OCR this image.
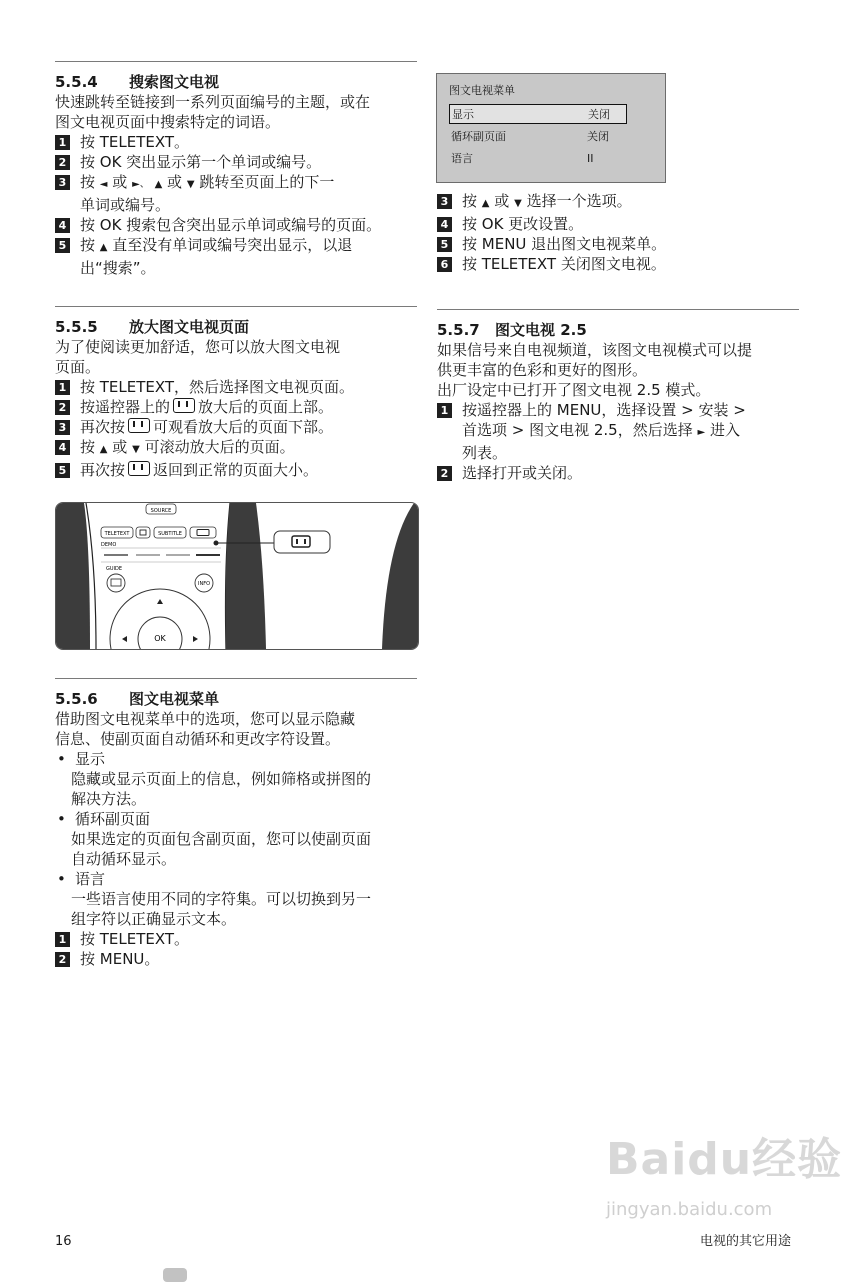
5.5.4	搜索图文电视
快速跳转至链接到一系列页面编号的主题，或在
图文电视页面中搜索特定的词语。
1 按 TELETEXT。
2 按 OK 突出显示第一个单词或编号。
3 按 ◄ 或 ►、 ▲ 或 ▼ 跳转至页面上的下一
单词或编号。
4 按 OK 搜索包含突出显示单词或编号的页面。
5 按 ▲ 直至没有单词或编号突出显示，以退
出“搜索”。
5.5.5	放大图文电视页面
为了使阅读更加舒适，您可以放大图文电视
页面。
1 按 TELETEXT，然后选择图文电视页面。
2 按遥控器上的 放大后的页面上部。
3 再次按 可观看放大后的页面下部。
4 按 ▲ 或 ▼ 可滚动放大后的页面。
5 再次按 返回到正常的页面大小。
SOURCE
TELETEXT	SUBTITLE
DEMO
GUIDE
INFO
OK
5.5.6	图文电视菜单
借助图文电视菜单中的选项，您可以显示隐藏
信息、使副页面自动循环和更改字符设置。
• 显示
隐藏或显示页面上的信息，例如筛格或拼图的
解决方法。
• 循环副页面
如果选定的页面包含副页面，您可以使副页面
自动循环显示。
• 语言
一些语言使用不同的字符集。可以切换到另一
组字符以正确显示文本。
1 按 TELETEXT。
2 按 MENU。
图文电视菜单
显示	关闭
循环副页面	关闭
语言	II
3 按 ▲ 或 ▼ 选择一个选项。
4 按 OK 更改设置。
5 按 MENU 退出图文电视菜单。
6 按 TELETEXT 关闭图文电视。
5.5.7	图文电视 2.5
如果信号来自电视频道，该图文电视模式可以提
供更丰富的色彩和更好的图形。
出厂设定中已打开了图文电视 2.5 模式。
1 按遥控器上的 MENU，选择设置 > 安装 >
首选项 > 图文电视 2.5，然后选择 ► 进入
列表。
2 选择打开或关闭。
Baidu经验
jingyan.baidu.com
16	电视的其它用途
